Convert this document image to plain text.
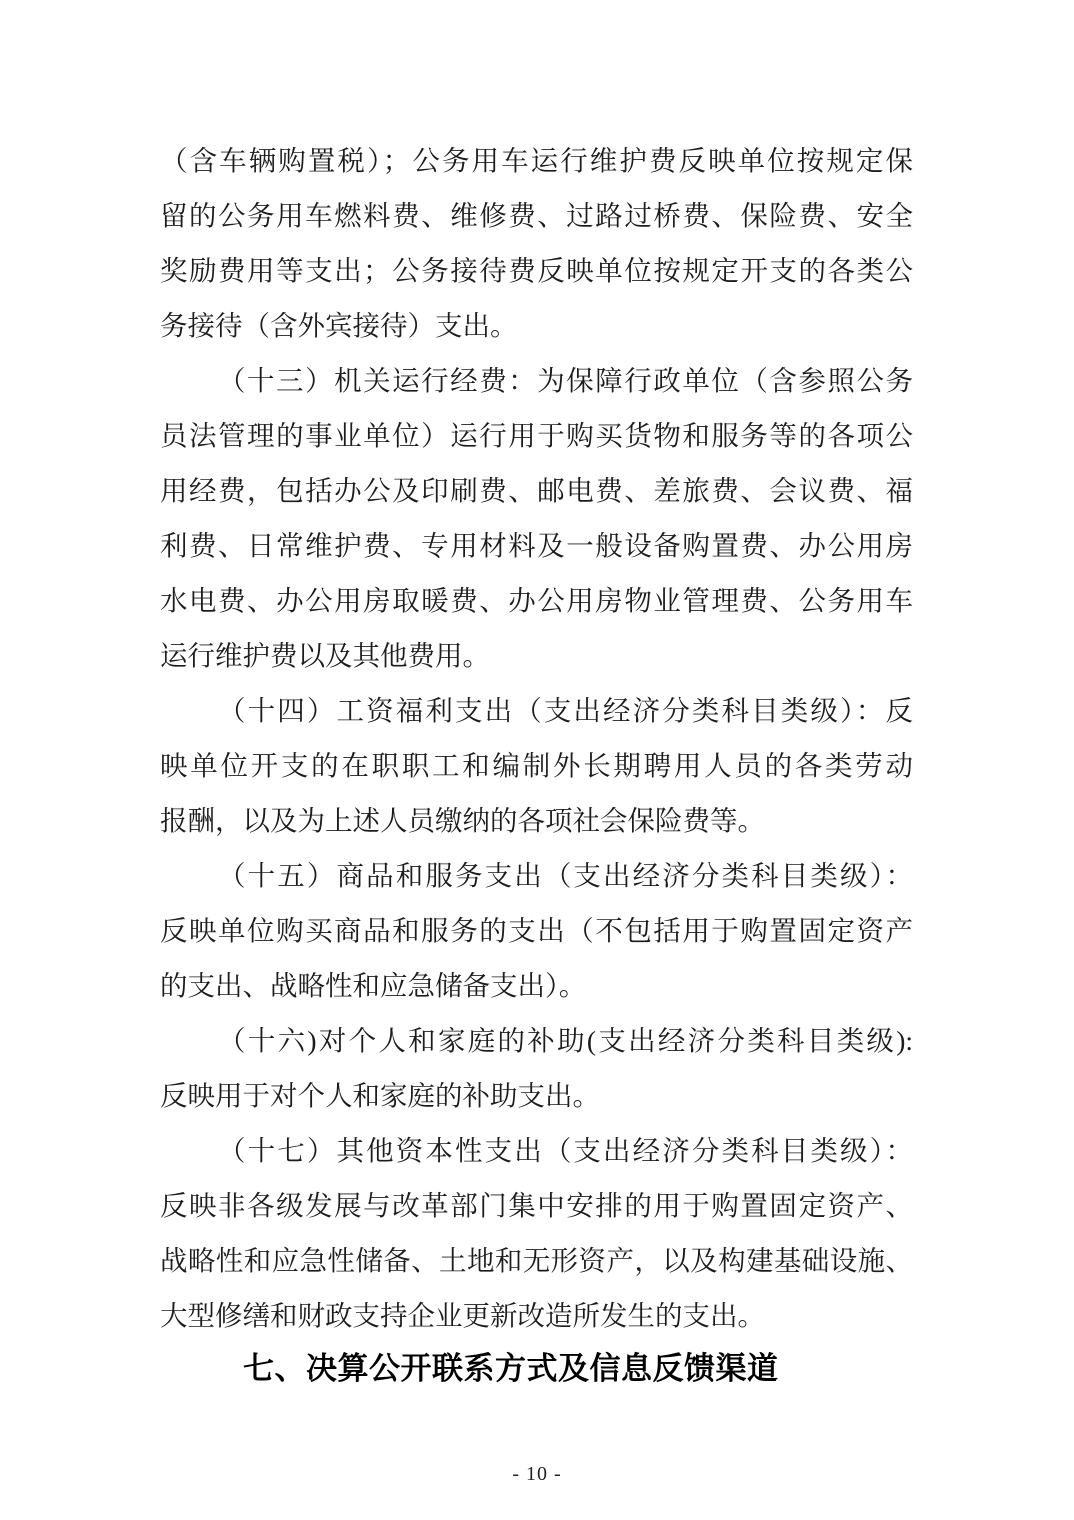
（含车辆购置税）；公务用车运行维护费反映单位按规定保
留的公务用车燃料费、维修费、过路过桥费、保险费、安全
奖励费用等支出；公务接待费反映单位按规定开支的各类公
务接待（含外宾接待）支出。
（十三）机关运行经费：为保障行政单位（含参照公务
员法管理的事业单位）运行用于购买货物和服务等的各项公
用经费，包括办公及印刷费、邮电费、差旅费、会议费、福
利费、日常维护费、专用材料及一般设备购置费、办公用房
水电费、办公用房取暖费、办公用房物业管理费、公务用车
运行维护费以及其他费用。
（十四）工资福利支出（支出经济分类科目类级）：反
映单位开支的在职职工和编制外长期聘用人员的各类劳动
报酬，以及为上述人员缴纳的各项社会保险费等。
（十五）商品和服务支出（支出经济分类科目类级）：
反映单位购买商品和服务的支出（不包括用于购置固定资产
的支出、战略性和应急储备支出）。
（十六)对个人和家庭的补助(支出经济分类科目类级):
反映用于对个人和家庭的补助支出。
（十七）其他资本性支出（支出经济分类科目类级）：
反映非各级发展与改革部门集中安排的用于购置固定资产、
战略性和应急性储备、土地和无形资产，以及构建基础设施、
大型修缮和财政支持企业更新改造所发生的支出。
七、决算公开联系方式及信息反馈渠道
- 10 -
